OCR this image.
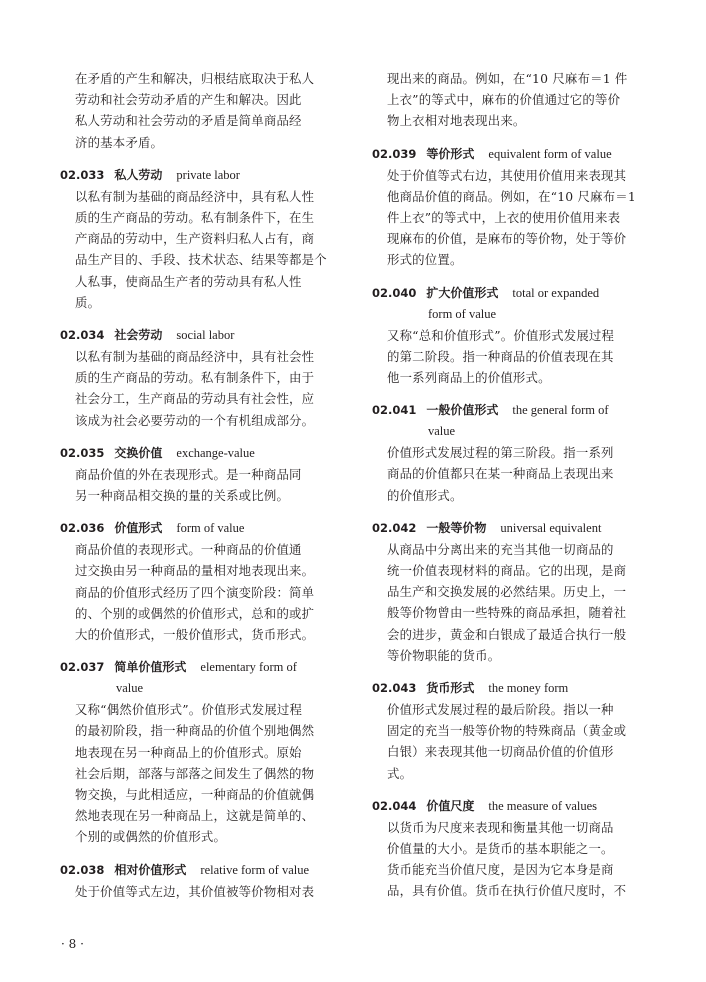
在矛盾的产生和解决，归根结底取决于私人
劳动和社会劳动矛盾的产生和解决。因此
私人劳动和社会劳动的矛盾是简单商品经
济的基本矛盾。
02.033 私人劳动 private labor
以私有制为基础的商品经济中，具有私人性
质的生产商品的劳动。私有制条件下，在生
产商品的劳动中，生产资料归私人占有，商
品生产目的、手段、技术状态、结果等都是个
人私事，使商品生产者的劳动具有私人性
质。
02.034 社会劳动 social labor
以私有制为基础的商品经济中，具有社会性
质的生产商品的劳动。私有制条件下，由于
社会分工，生产商品的劳动具有社会性，应
该成为社会必要劳动的一个有机组成部分。
02.035 交换价值 exchange-value
商品价值的外在表现形式。是一种商品同
另一种商品相交换的量的关系或比例。
02.036 价值形式 form of value
商品价值的表现形式。一种商品的价值通
过交换由另一种商品的量相对地表现出来。
商品的价值形式经历了四个演变阶段：简单
的、个别的或偶然的价值形式，总和的或扩
大的价值形式，一般价值形式，货币形式。
02.037 简单价值形式 elementary form of
value
又称“偶然价值形式”。价值形式发展过程
的最初阶段，指一种商品的价值个别地偶然
地表现在另一种商品上的价值形式。原始
社会后期，部落与部落之间发生了偶然的物
物交换，与此相适应，一种商品的价值就偶
然地表现在另一种商品上，这就是简单的、
个别的或偶然的价值形式。
02.038 相对价值形式 relative form of value
处于价值等式左边，其价值被等价物相对表
现出来的商品。例如，在“10 尺麻布＝1 件
上衣”的等式中，麻布的价值通过它的等价
物上衣相对地表现出来。
02.039 等价形式 equivalent form of value
处于价值等式右边，其使用价值用来表现其
他商品价值的商品。例如，在“10 尺麻布＝1
件上衣”的等式中，上衣的使用价值用来表
现麻布的价值，是麻布的等价物，处于等价
形式的位置。
02.040 扩大价值形式 total or expanded
form of value
又称“总和价值形式”。价值形式发展过程
的第二阶段。指一种商品的价值表现在其
他一系列商品上的价值形式。
02.041 一般价值形式 the general form of
value
价值形式发展过程的第三阶段。指一系列
商品的价值都只在某一种商品上表现出来
的价值形式。
02.042 一般等价物 universal equivalent
从商品中分离出来的充当其他一切商品的
统一价值表现材料的商品。它的出现，是商
品生产和交换发展的必然结果。历史上，一
般等价物曾由一些特殊的商品承担，随着社
会的进步，黄金和白银成了最适合执行一般
等价物职能的货币。
02.043 货币形式 the money form
价值形式发展过程的最后阶段。指以一种
固定的充当一般等价物的特殊商品（黄金或
白银）来表现其他一切商品价值的价值形
式。
02.044 价值尺度 the measure of values
以货币为尺度来表现和衡量其他一切商品
价值量的大小。是货币的基本职能之一。
货币能充当价值尺度，是因为它本身是商
品，具有价值。货币在执行价值尺度时，不
· 8 ·
